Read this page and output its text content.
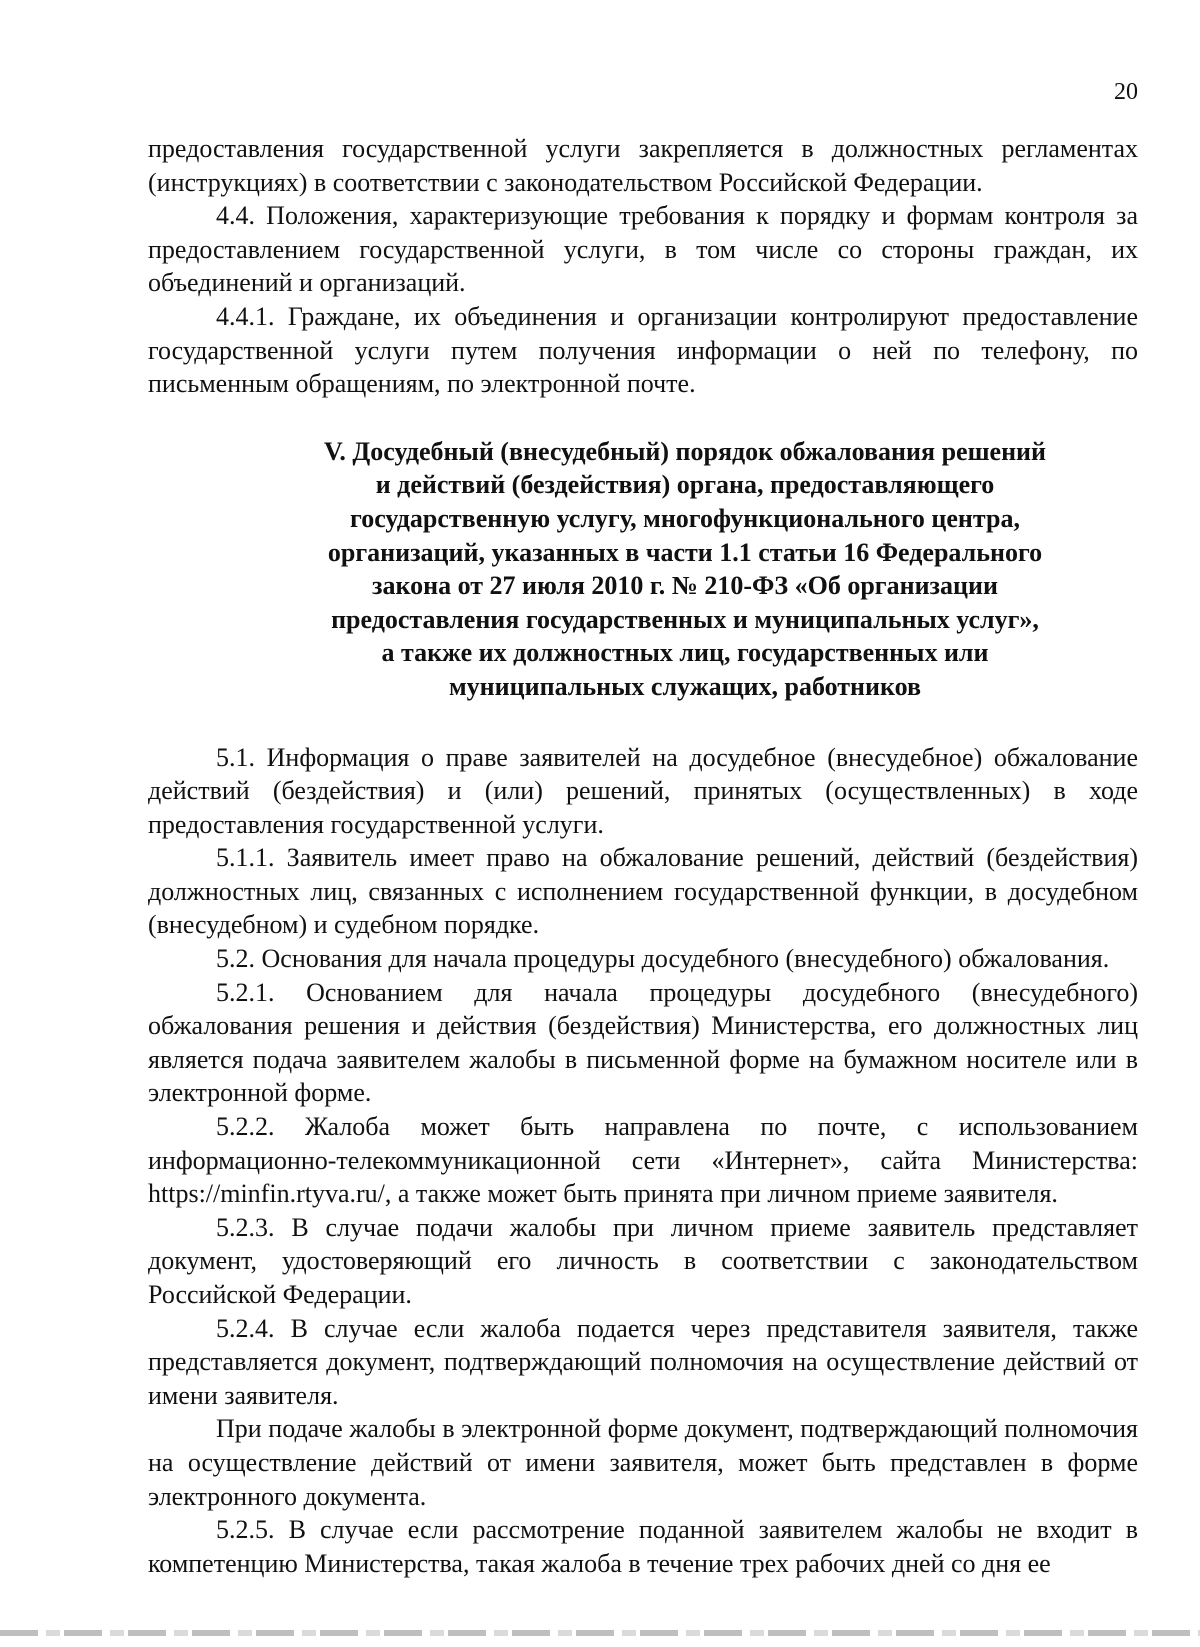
20

предоставления государственной услуги закрепляется в должностных регламентах (инструкциях) в соответствии с законодательством Российской Федерации.

4.4. Положения, характеризующие требования к порядку и формам контроля за предоставлением государственной услуги, в том числе со стороны граждан, их объединений и организаций.

4.4.1. Граждане, их объединения и организации контролируют предоставление государственной услуги путем получения информации о ней по телефону, по письменным обращениям, по электронной почте.

V. Досудебный (внесудебный) порядок обжалования решений
и действий (бездействия) органа, предоставляющего
государственную услугу, многофункционального центра,
организаций, указанных в части 1.1 статьи 16 Федерального
закона от 27 июля 2010 г. № 210-ФЗ «Об организации
предоставления государственных и муниципальных услуг»,
а также их должностных лиц, государственных или
муниципальных служащих, работников

5.1. Информация о праве заявителей на досудебное (внесудебное) обжалование действий (бездействия) и (или) решений, принятых (осуществленных) в ходе предоставления государственной услуги.

5.1.1. Заявитель имеет право на обжалование решений, действий (бездействия) должностных лиц, связанных с исполнением государственной функции, в досудебном (внесудебном) и судебном порядке.

5.2. Основания для начала процедуры досудебного (внесудебного) обжалования.

5.2.1. Основанием для начала процедуры досудебного (внесудебного) обжалования решения и действия (бездействия) Министерства, его должностных лиц является подача заявителем жалобы в письменной форме на бумажном носителе или в электронной форме.

5.2.2. Жалоба может быть направлена по почте, с использованием информационно-телекоммуникационной сети «Интернет», сайта Министерства: https://minfin.rtyva.ru/, а также может быть принята при личном приеме заявителя.

5.2.3. В случае подачи жалобы при личном приеме заявитель представляет документ, удостоверяющий его личность в соответствии с законодательством Российской Федерации.

5.2.4. В случае если жалоба подается через представителя заявителя, также представляется документ, подтверждающий полномочия на осуществление действий от имени заявителя.

При подаче жалобы в электронной форме документ, подтверждающий полномочия на осуществление действий от имени заявителя, может быть представлен в форме электронного документа.

5.2.5. В случае если рассмотрение поданной заявителем жалобы не входит в компетенцию Министерства, такая жалоба в течение трех рабочих дней со дня ее
